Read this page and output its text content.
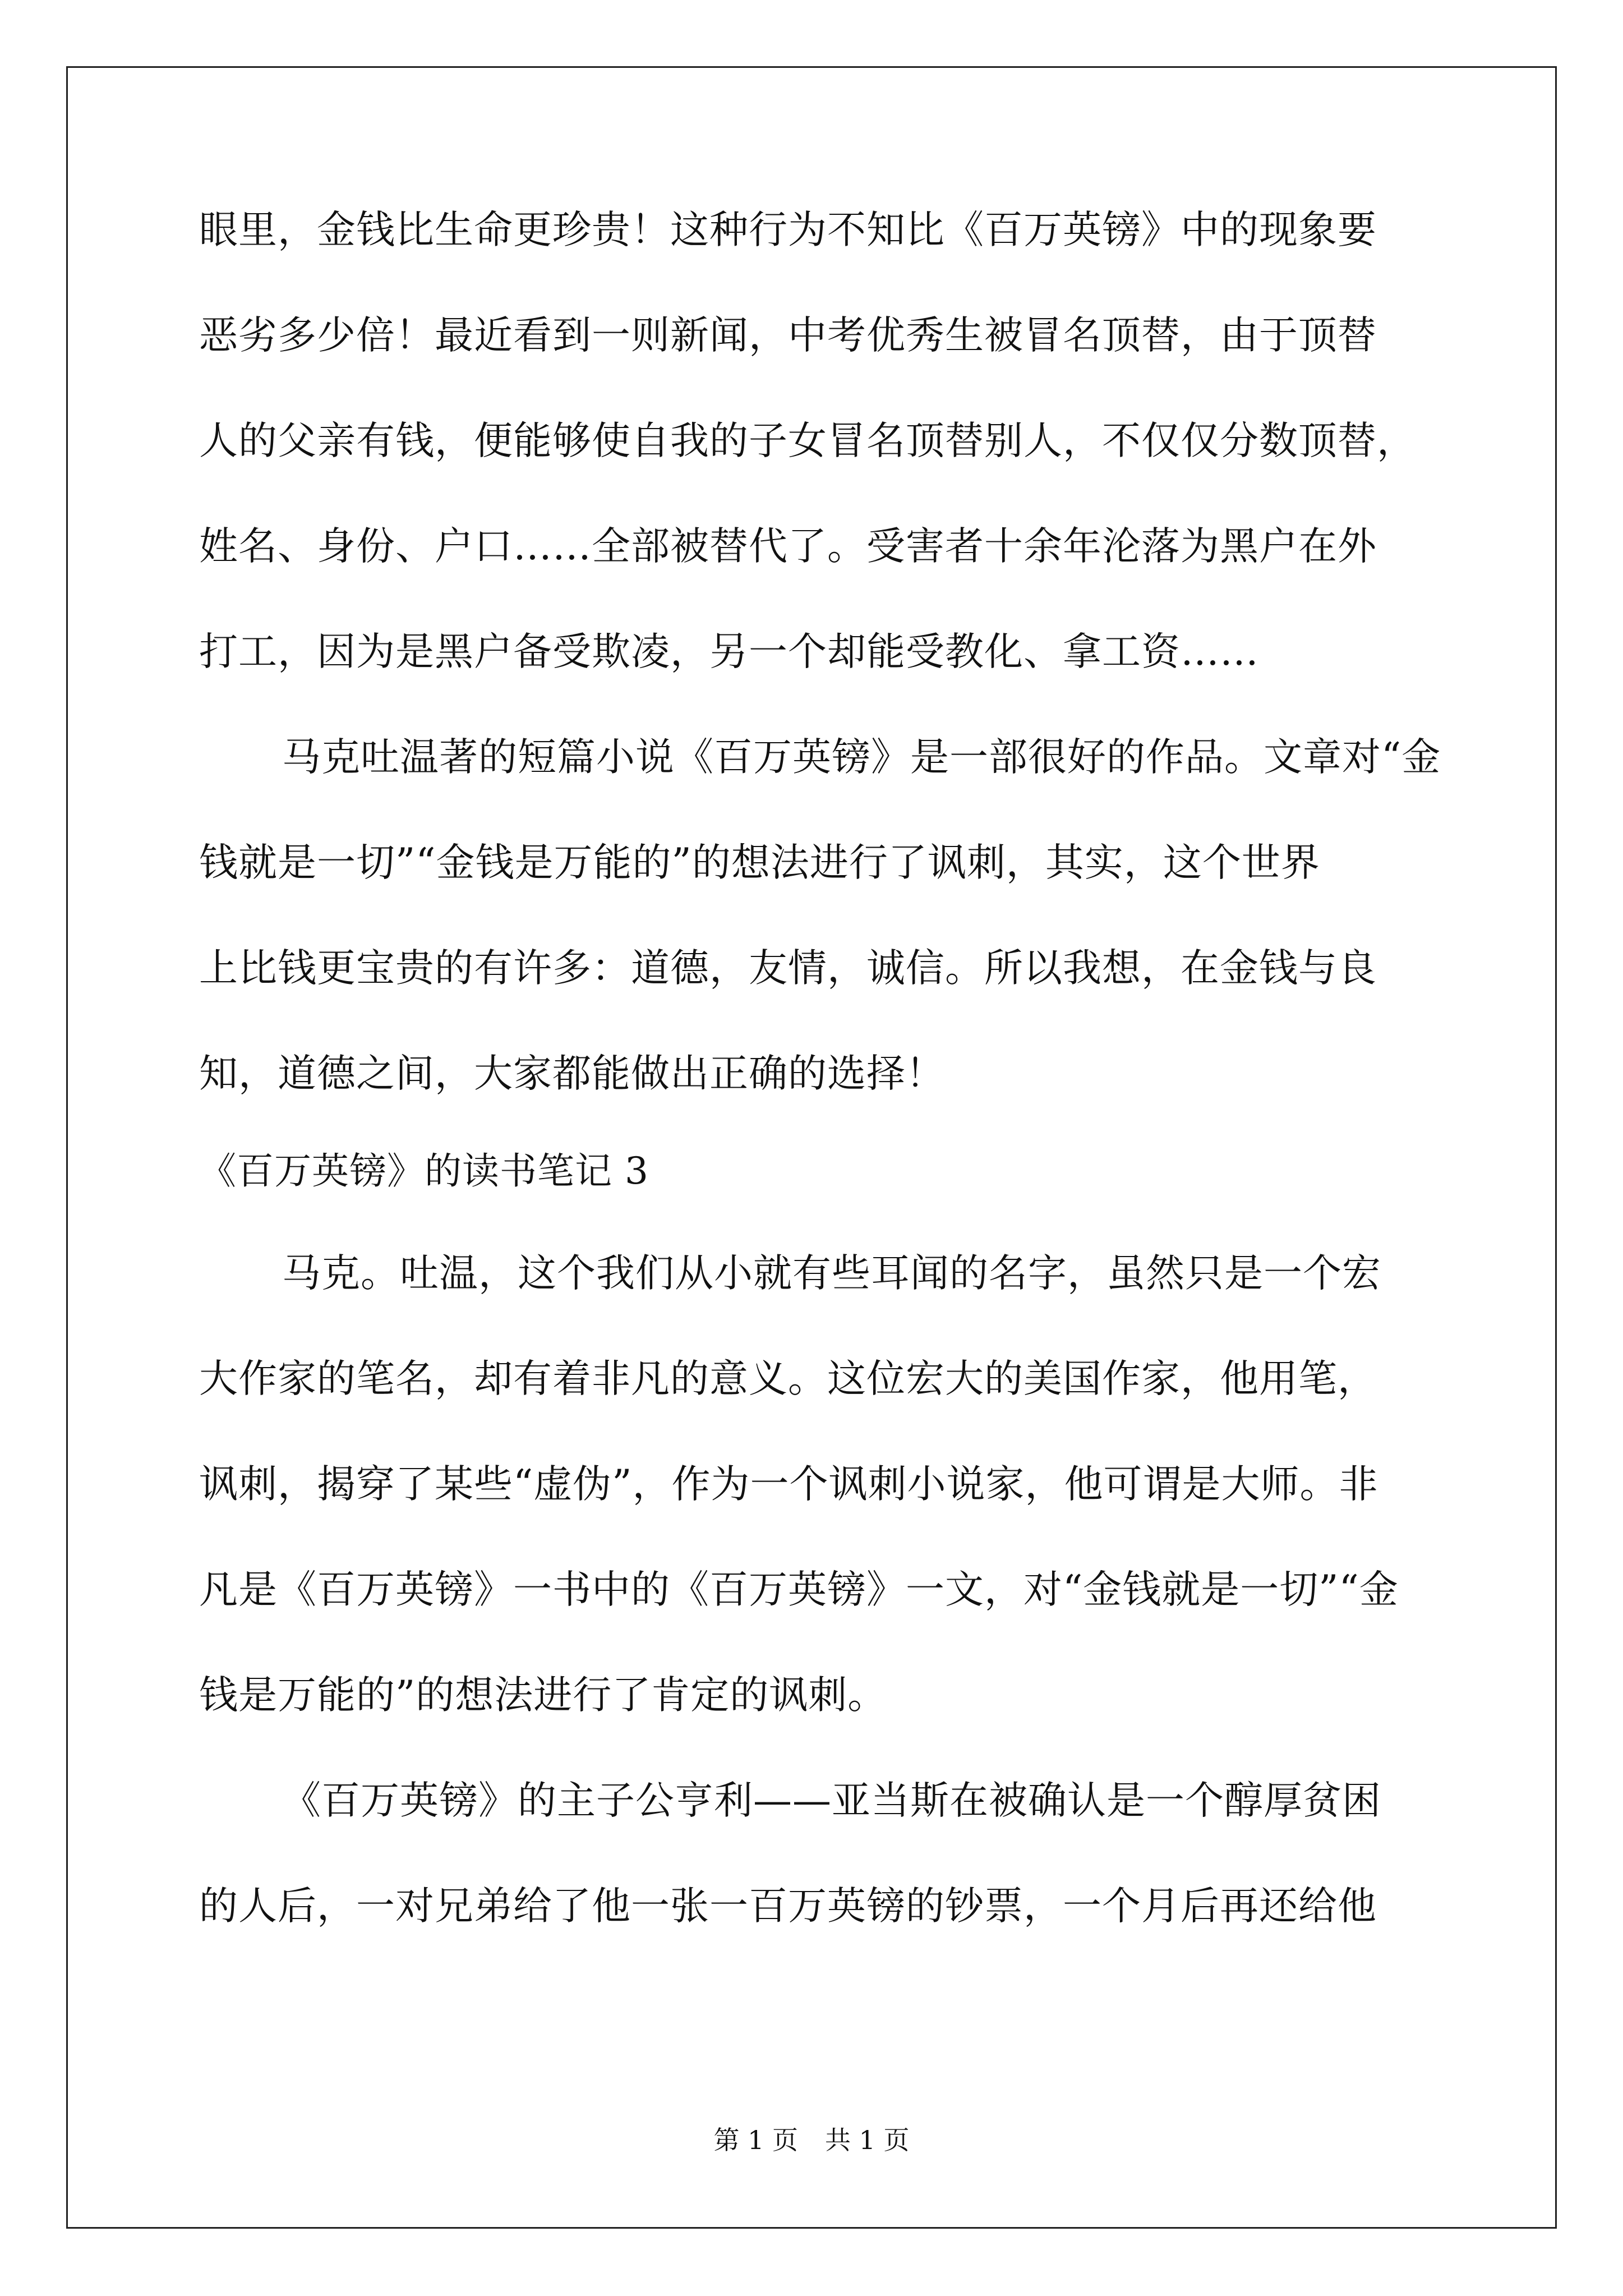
眼里，金钱比生命更珍贵！这种行为不知比《百万英镑》中的现象要
恶劣多少倍！最近看到一则新闻，中考优秀生被冒名顶替，由于顶替
人的父亲有钱，便能够使自我的子女冒名顶替别人，不仅仅分数顶替，
姓名、身份、户口……全部被替代了。受害者十余年沦落为黑户在外
打工，因为是黑户备受欺凌，另一个却能受教化、拿工资……
马克吐温著的短篇小说《百万英镑》是一部很好的作品。文章对“金
钱就是一切”“金钱是万能的”的想法进行了讽刺，其实，这个世界
上比钱更宝贵的有许多：道德，友情，诚信。所以我想，在金钱与良
知，道德之间，大家都能做出正确的选择！
《百万英镑》的读书笔记 3
马克。吐温，这个我们从小就有些耳闻的名字，虽然只是一个宏
大作家的笔名，却有着非凡的意义。这位宏大的美国作家，他用笔，
讽刺，揭穿了某些“虚伪”，作为一个讽刺小说家，他可谓是大师。非
凡是《百万英镑》一书中的《百万英镑》一文，对“金钱就是一切”“金
钱是万能的”的想法进行了肯定的讽刺。
《百万英镑》的主子公亨利——亚当斯在被确认是一个醇厚贫困
的人后，一对兄弟给了他一张一百万英镑的钞票，一个月后再还给他
第 1 页 共 1 页
